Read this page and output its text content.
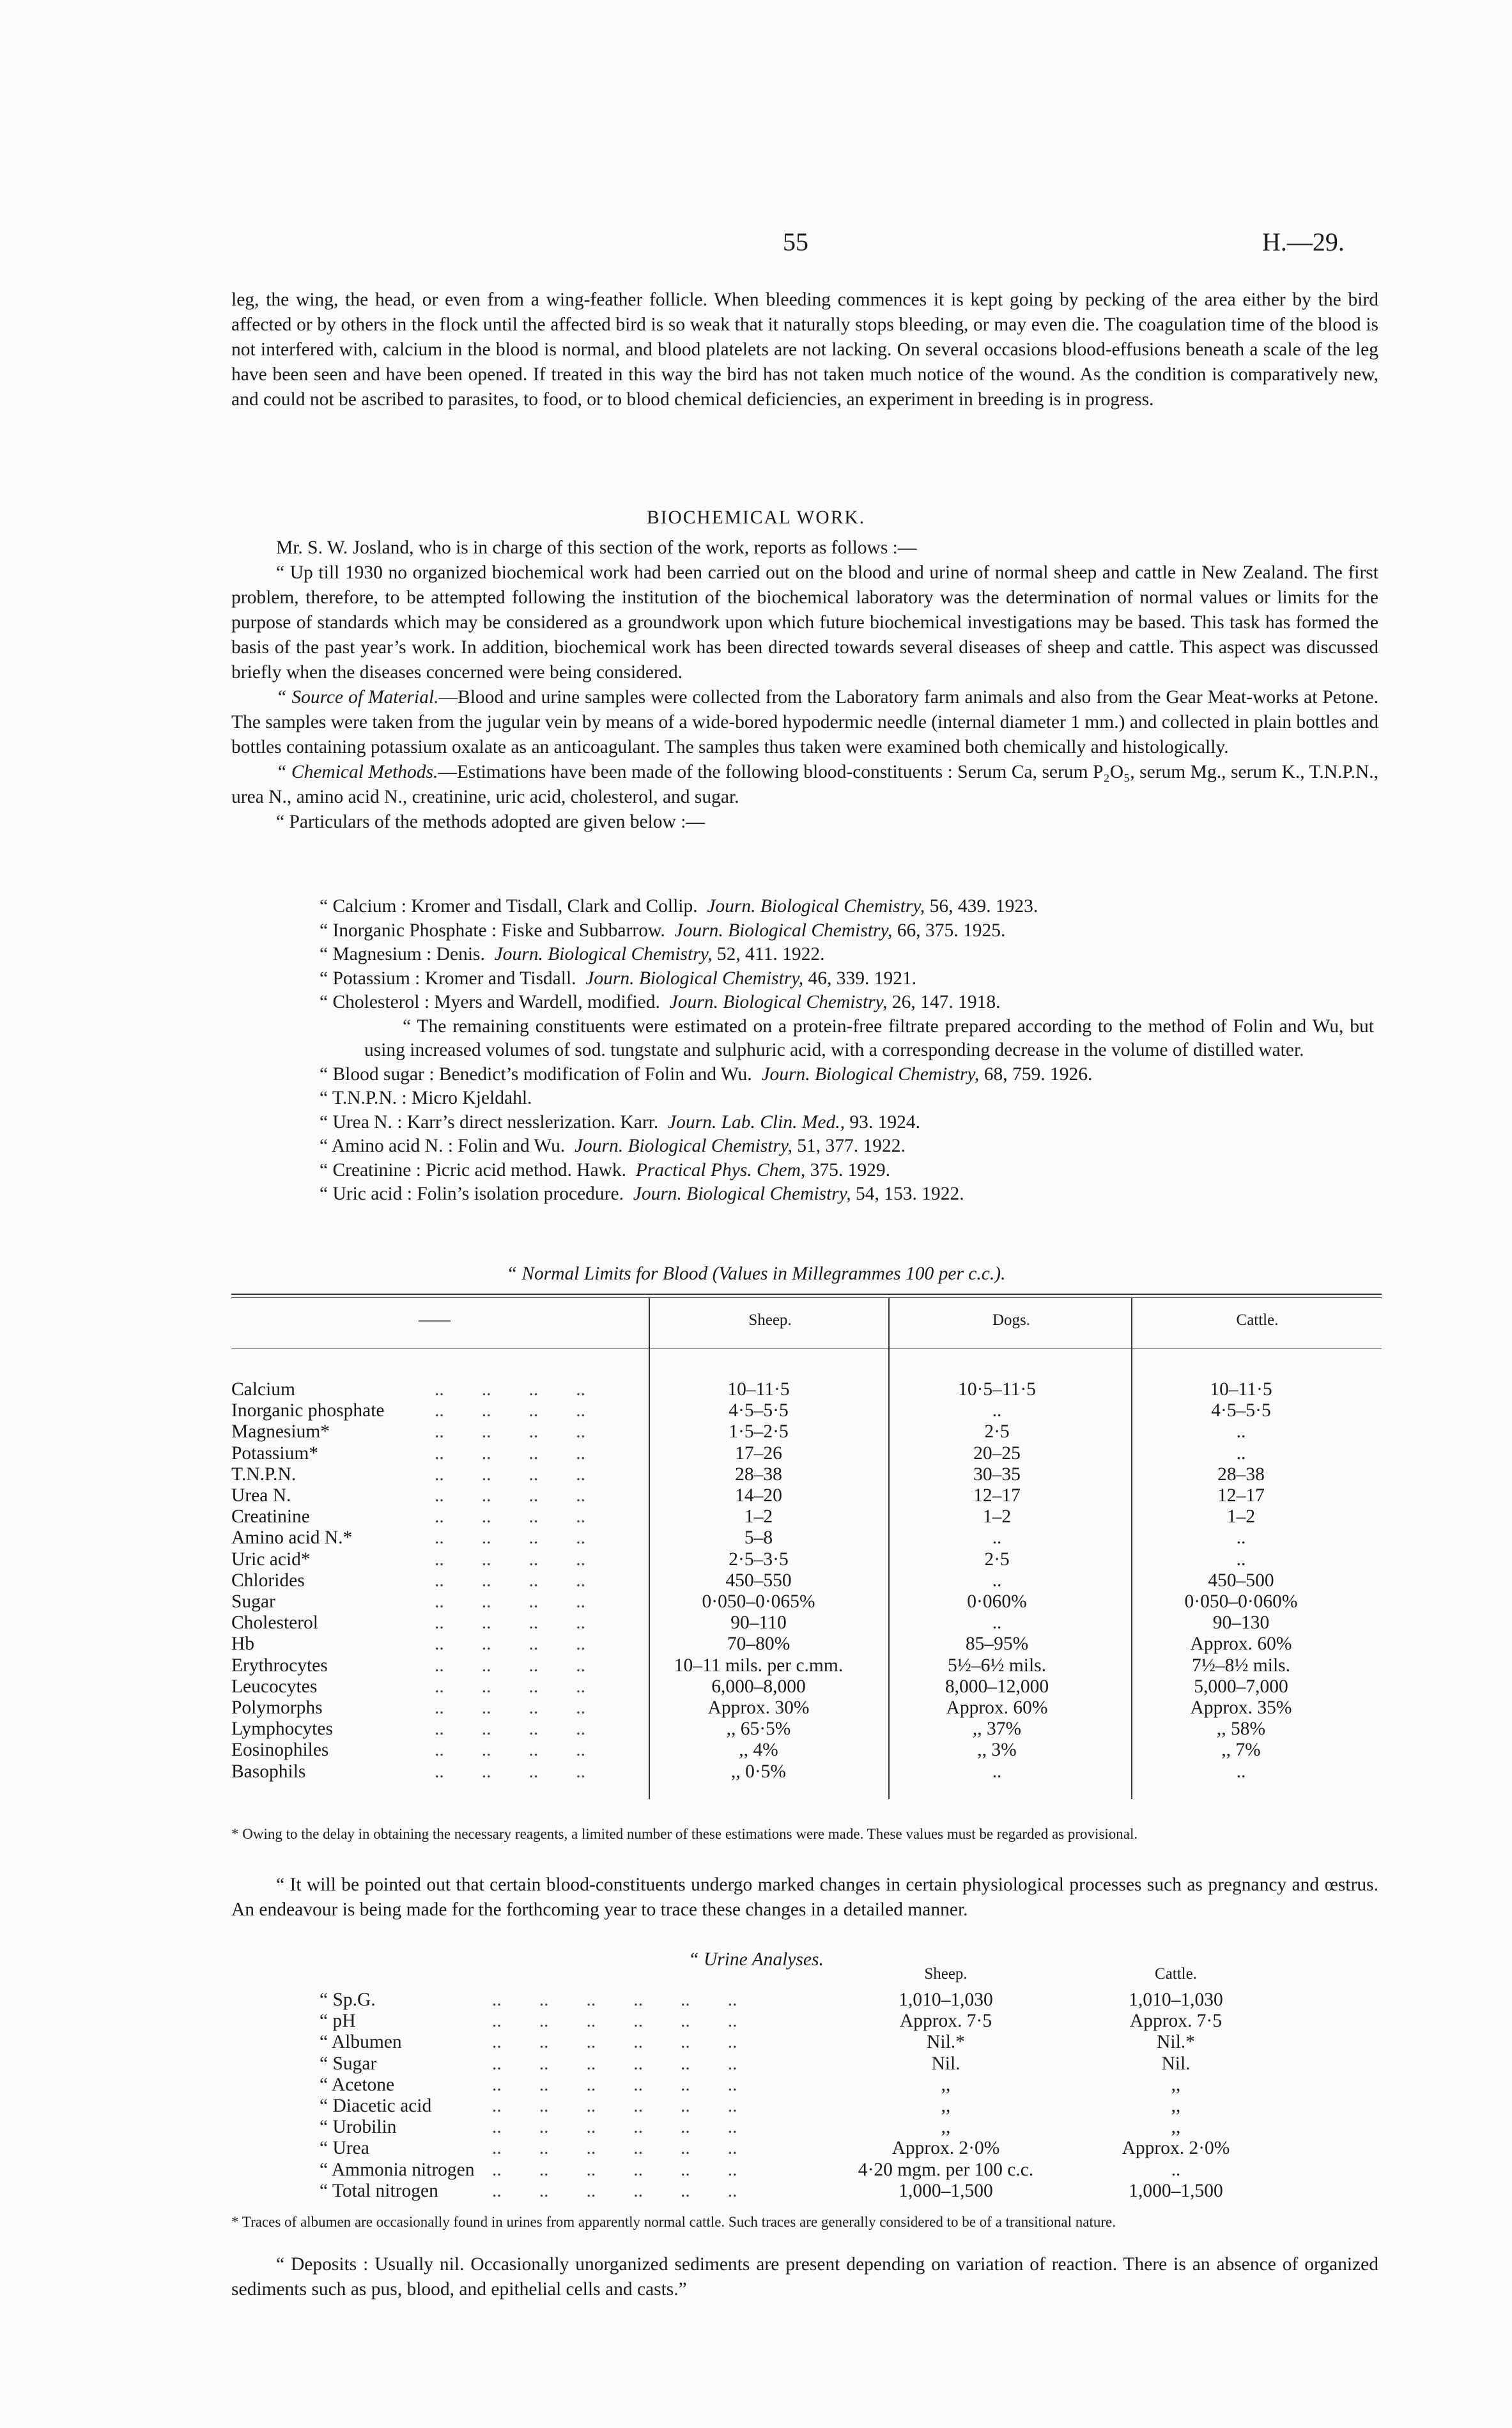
55	H.—29.

leg, the wing, the head, or even from a wing-feather follicle. When bleeding commences it is kept going by pecking of the area either by the bird affected or by others in the flock until the affected bird is so weak that it naturally stops bleeding, or may even die. The coagulation time of the blood is not interfered with, calcium in the blood is normal, and blood platelets are not lacking. On several occasions blood-effusions beneath a scale of the leg have been seen and have been opened. If treated in this way the bird has not taken much notice of the wound. As the condition is comparatively new, and could not be ascribed to parasites, to food, or to blood chemical deficiencies, an experiment in breeding is in progress.

BIOCHEMICAL WORK.

Mr. S. W. Josland, who is in charge of this section of the work, reports as follows :—

“ Up till 1930 no organized biochemical work had been carried out on the blood and urine of normal sheep and cattle in New Zealand. The first problem, therefore, to be attempted following the institution of the biochemical laboratory was the determination of normal values or limits for the purpose of standards which may be considered as a groundwork upon which future biochemical investigations may be based. This task has formed the basis of the past year’s work. In addition, biochemical work has been directed towards several diseases of sheep and cattle. This aspect was discussed briefly when the diseases concerned were being considered.

“ Source of Material.—Blood and urine samples were collected from the Laboratory farm animals and also from the Gear Meat-works at Petone. The samples were taken from the jugular vein by means of a wide-bored hypodermic needle (internal diameter 1 mm.) and collected in plain bottles and bottles containing potassium oxalate as an anticoagulant. The samples thus taken were examined both chemically and histologically.

“ Chemical Methods.—Estimations have been made of the following blood-constituents : Serum Ca, serum P₂O₅, serum Mg., serum K., T.N.P.N., urea N., amino acid N., creatinine, uric acid, cholesterol, and sugar.

“ Particulars of the methods adopted are given below :—

“ Calcium : Kromer and Tisdall, Clark and Collip. Journ. Biological Chemistry, 56, 439. 1923.
“ Inorganic Phosphate : Fiske and Subbarrow. Journ. Biological Chemistry, 66, 375. 1925.
“ Magnesium : Denis. Journ. Biological Chemistry, 52, 411. 1922.
“ Potassium : Kromer and Tisdall. Journ. Biological Chemistry, 46, 339. 1921.
“ Cholesterol : Myers and Wardell, modified. Journ. Biological Chemistry, 26, 147. 1918.
“ The remaining constituents were estimated on a protein-free filtrate prepared according to the method of Folin and Wu, but using increased volumes of sod. tungstate and sulphuric acid, with a corresponding decrease in the volume of distilled water.
“ Blood sugar : Benedict’s modification of Folin and Wu. Journ. Biological Chemistry, 68, 759. 1926.
“ T.N.P.N. : Micro Kjeldahl.
“ Urea N. : Karr’s direct nesslerization. Karr. Journ. Lab. Clin. Med., 93. 1924.
“ Amino acid N. : Folin and Wu. Journ. Biological Chemistry, 51, 377. 1922.
“ Creatinine : Picric acid method. Hawk. Practical Phys. Chem, 375. 1929.
“ Uric acid : Folin’s isolation procedure. Journ. Biological Chemistry, 54, 153. 1922.
“ Normal Limits for Blood (Values in Millegrammes 100 per c.c.).
——	Sheep.	Dogs.	Cattle.
Calcium	..        ..        ..        ..	10–11·5	10·5–11·5	10–11·5
Inorganic phosphate	..        ..        ..        ..	4·5–5·5	..	4·5–5·5
Magnesium*	..        ..        ..        ..	1·5–2·5	2·5	..
Potassium*	..        ..        ..        ..	17–26	20–25	..
T.N.P.N.	..        ..        ..        ..	28–38	30–35	28–38
Urea N.	..        ..        ..        ..	14–20	12–17	12–17
Creatinine	..        ..        ..        ..	1–2	1–2	1–2
Amino acid N.*	..        ..        ..        ..	5–8	..	..
Uric acid*	..        ..        ..        ..	2·5–3·5	2·5	..
Chlorides	..        ..        ..        ..	450–550	..	450–500
Sugar	..        ..        ..        ..	0·050–0·065%	0·060%	0·050–0·060%
Cholesterol	..        ..        ..        ..	90–110	..	90–130
Hb	..        ..        ..        ..	70–80%	85–95%	Approx. 60%
Erythrocytes	..        ..        ..        ..	10–11 mils. per c.mm.	5½–6½ mils.	7½–8½ mils.
Leucocytes	..        ..        ..        ..	6,000–8,000	8,000–12,000	5,000–7,000
Polymorphs	..        ..        ..        ..	Approx. 30%	Approx. 60%	Approx. 35%
Lymphocytes	..        ..        ..        ..	,, 65·5%	,, 37%	,, 58%
Eosinophiles	..        ..        ..        ..	,, 4%	,, 3%	,, 7%
Basophils	..        ..        ..        ..	,, 0·5%	..	..
* Owing to the delay in obtaining the necessary reagents, a limited number of these estimations were made. These values must be regarded as provisional.

“ It will be pointed out that certain blood-constituents undergo marked changes in certain physiological processes such as pregnancy and œstrus. An endeavour is being made for the forthcoming year to trace these changes in a detailed manner.

“ Urine Analyses.
Sheep.	Cattle.
“ Sp.G.	..        ..        ..        ..        ..        ..	1,010–1,030	1,010–1,030
“ pH	..        ..        ..        ..        ..        ..	Approx. 7·5	Approx. 7·5
“ Albumen	..        ..        ..        ..        ..        ..	Nil.*	Nil.*
“ Sugar	..        ..        ..        ..        ..        ..	Nil.	Nil.
“ Acetone	..        ..        ..        ..        ..        ..	,,	,,
“ Diacetic acid	..        ..        ..        ..        ..        ..	,,	,,
“ Urobilin	..        ..        ..        ..        ..        ..	,,	,,
“ Urea	..        ..        ..        ..        ..        ..	Approx. 2·0%	Approx. 2·0%
“ Ammonia nitrogen ..        ..        ..        ..        ..        ..	4·20 mgm. per 100 c.c.	..
“ Total nitrogen	..        ..        ..        ..        ..        ..	1,000–1,500	1,000–1,500
* Traces of albumen are occasionally found in urines from apparently normal cattle. Such traces are generally considered to be of a transitional nature.

“ Deposits : Usually nil. Occasionally unorganized sediments are present depending on variation of reaction. There is an absence of organized sediments such as pus, blood, and epithelial cells and casts.”
